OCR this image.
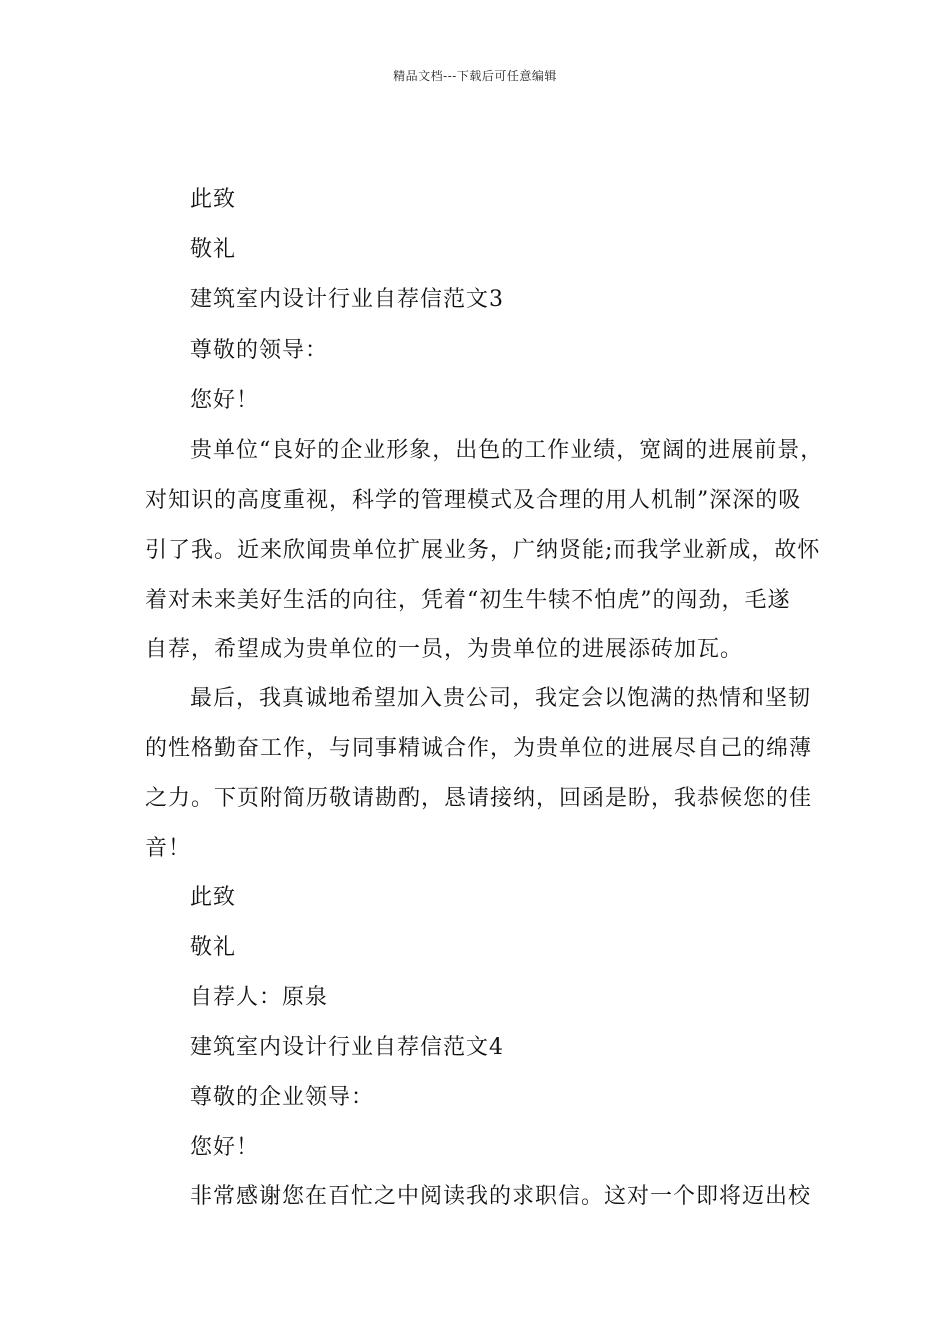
精品文档---下载后可任意编辑
此致
敬礼
建筑室内设计行业自荐信范文3
尊敬的领导：
您好！
贵单位“良好的企业形象，出色的工作业绩，宽阔的进展前景，
对知识的高度重视，科学的管理模式及合理的用人机制”深深的吸
引了我。近来欣闻贵单位扩展业务，广纳贤能;而我学业新成，故怀
着对未来美好生活的向往，凭着“初生牛犊不怕虎”的闯劲，毛遂
自荐，希望成为贵单位的一员，为贵单位的进展添砖加瓦。
最后，我真诚地希望加入贵公司，我定会以饱满的热情和坚韧
的性格勤奋工作，与同事精诚合作，为贵单位的进展尽自己的绵薄
之力。下页附简历敬请勘酌，恳请接纳，回函是盼，我恭候您的佳
音！
此致
敬礼
自荐人：原泉
建筑室内设计行业自荐信范文4
尊敬的企业领导：
您好！
非常感谢您在百忙之中阅读我的求职信。这对一个即将迈出校
